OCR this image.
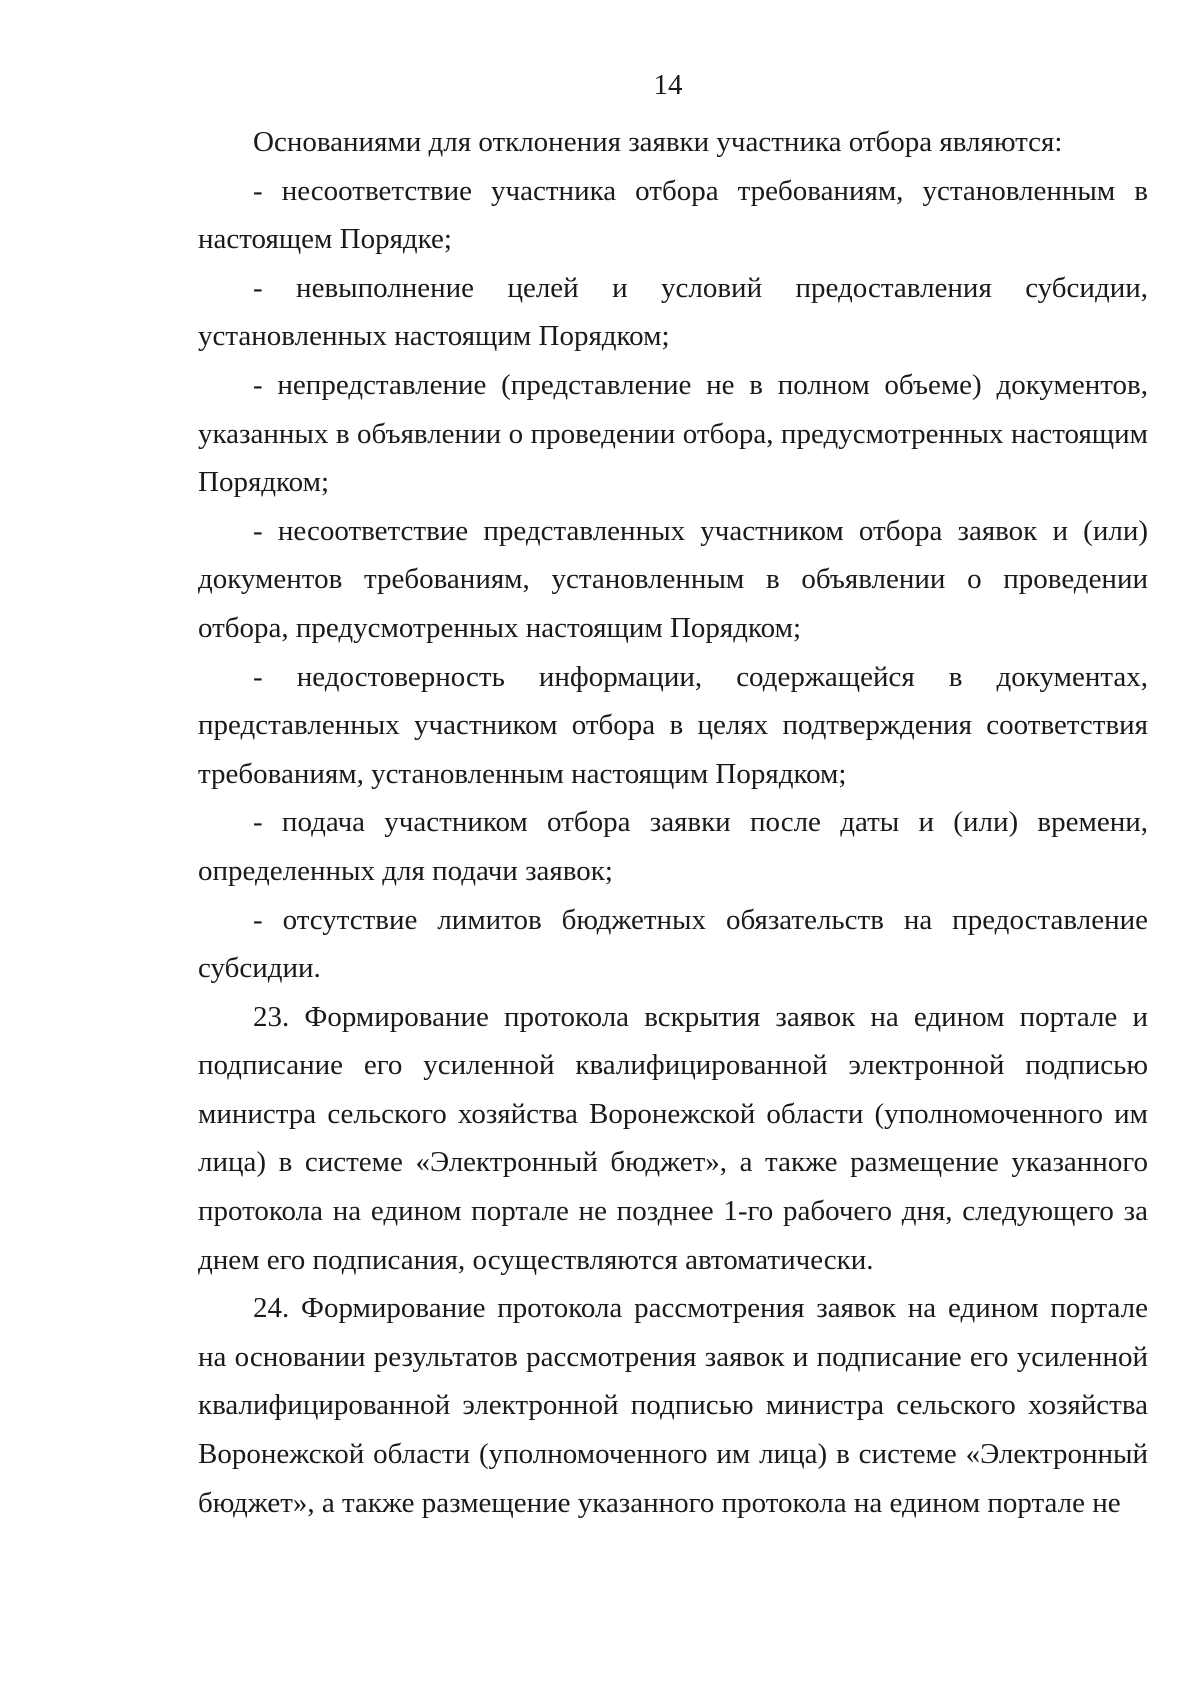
14

Основаниями для отклонения заявки участника отбора являются:

- несоответствие участника отбора требованиям, установленным в настоящем Порядке;

- невыполнение целей и условий предоставления субсидии, установленных настоящим Порядком;

- непредставление (представление не в полном объеме) документов, указанных в объявлении о проведении отбора, предусмотренных настоящим Порядком;

- несоответствие представленных участником отбора заявок и (или) документов требованиям, установленным в объявлении о проведении отбора, предусмотренных настоящим Порядком;

- недостоверность информации, содержащейся в документах, представленных участником отбора в целях подтверждения соответствия требованиям, установленным настоящим Порядком;

- подача участником отбора заявки после даты и (или) времени, определенных для подачи заявок;

- отсутствие лимитов бюджетных обязательств на предоставление субсидии.

23. Формирование протокола вскрытия заявок на едином портале и подписание его усиленной квалифицированной электронной подписью министра сельского хозяйства Воронежской области (уполномоченного им лица) в системе «Электронный бюджет», а также размещение указанного протокола на едином портале не позднее 1-го рабочего дня, следующего за днем его подписания, осуществляются автоматически.

24. Формирование протокола рассмотрения заявок на едином портале на основании результатов рассмотрения заявок и подписание его усиленной квалифицированной электронной подписью министра сельского хозяйства Воронежской области (уполномоченного им лица) в системе «Электронный бюджет», а также размещение указанного протокола на едином портале не
